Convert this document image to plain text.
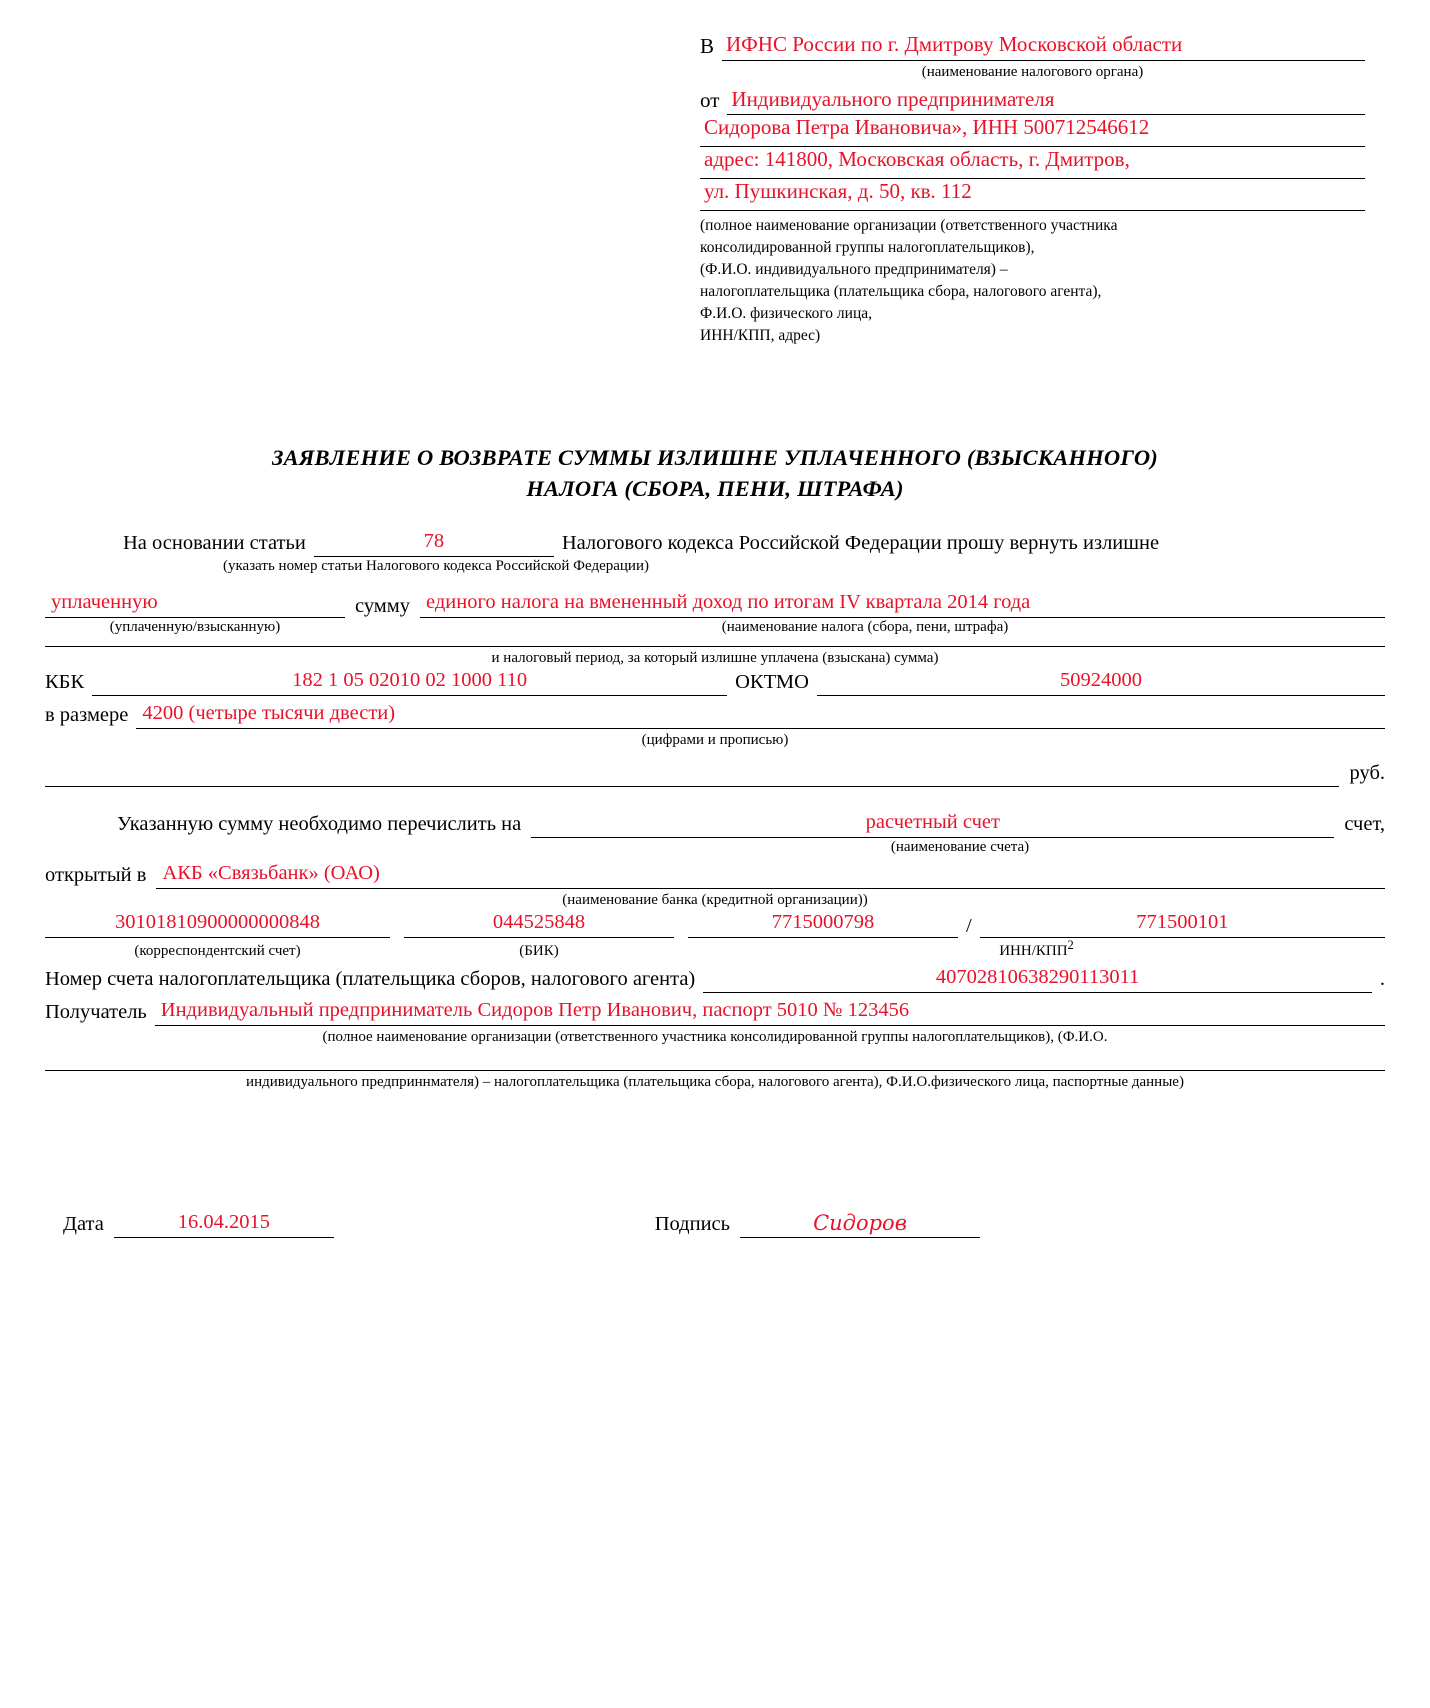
В ИФНС России по г. Дмитрову Московской области
(наименование налогового органа)
от Индивидуального предпринимателя
Сидорова Петра Ивановича», ИНН 500712546612
адрес: 141800, Московская область, г. Дмитров,
ул. Пушкинская, д. 50, кв. 112
(полное наименование организации (ответственного участника
консолидированной группы налогоплательщиков),
(Ф.И.О. индивидуального предпринимателя) –
налогоплательщика (плательщика сбора, налогового агента),
Ф.И.О. физического лица,
ИНН/КПП, адрес)
ЗАЯВЛЕНИЕ О ВОЗВРАТЕ СУММЫ ИЗЛИШНЕ УПЛАЧЕННОГО (ВЗЫСКАННОГО)
НАЛОГА (СБОРА, ПЕНИ, ШТРАФА)
На основании статьи	78	Налогового кодекса Российской Федерации прошу вернуть излишне
(указать номер статьи Налогового кодекса Российской Федерации)
уплаченную	сумму единого налога на вмененный доход по итогам IV квартала 2014 года
(уплаченную/взысканную)	(наименование налога (сбора, пени, штрафа)
и налоговый период, за который излишне уплачена (взыскана) сумма)
КБК	182 1 05 02010 02 1000 110	ОКТМО	50924000
в размере 4200 (четыре тысячи двести)
(цифрами и прописью)
руб.
Указанную сумму необходимо перечислить на	расчетный счет	счет,
(наименование счета)
открытый в АКБ «Связьбанк» (ОАО)
(наименование банка (кредитной организации))
30101810900000000848	044525848	7715000798	/	771500101
(корреспондентский счет)	(БИК)	ИНН/КПП$^2$
Номер счета налогоплательщика (плательщика сборов, налогового агента)	40702810638290113011	.
Получатель Индивидуальный предприниматель Сидоров Петр Иванович, паспорт 5010 № 123456
(полное наименование организации (ответственного участника консолидированной группы налогоплательщиков), (Ф.И.О.
индивидуального предприннмателя) – налогоплательщика (плательщика сбора, налогового агента), Ф.И.О.физического лица, паспортные данные)
Дата	16.04.2015	Подпись	Сидоров
